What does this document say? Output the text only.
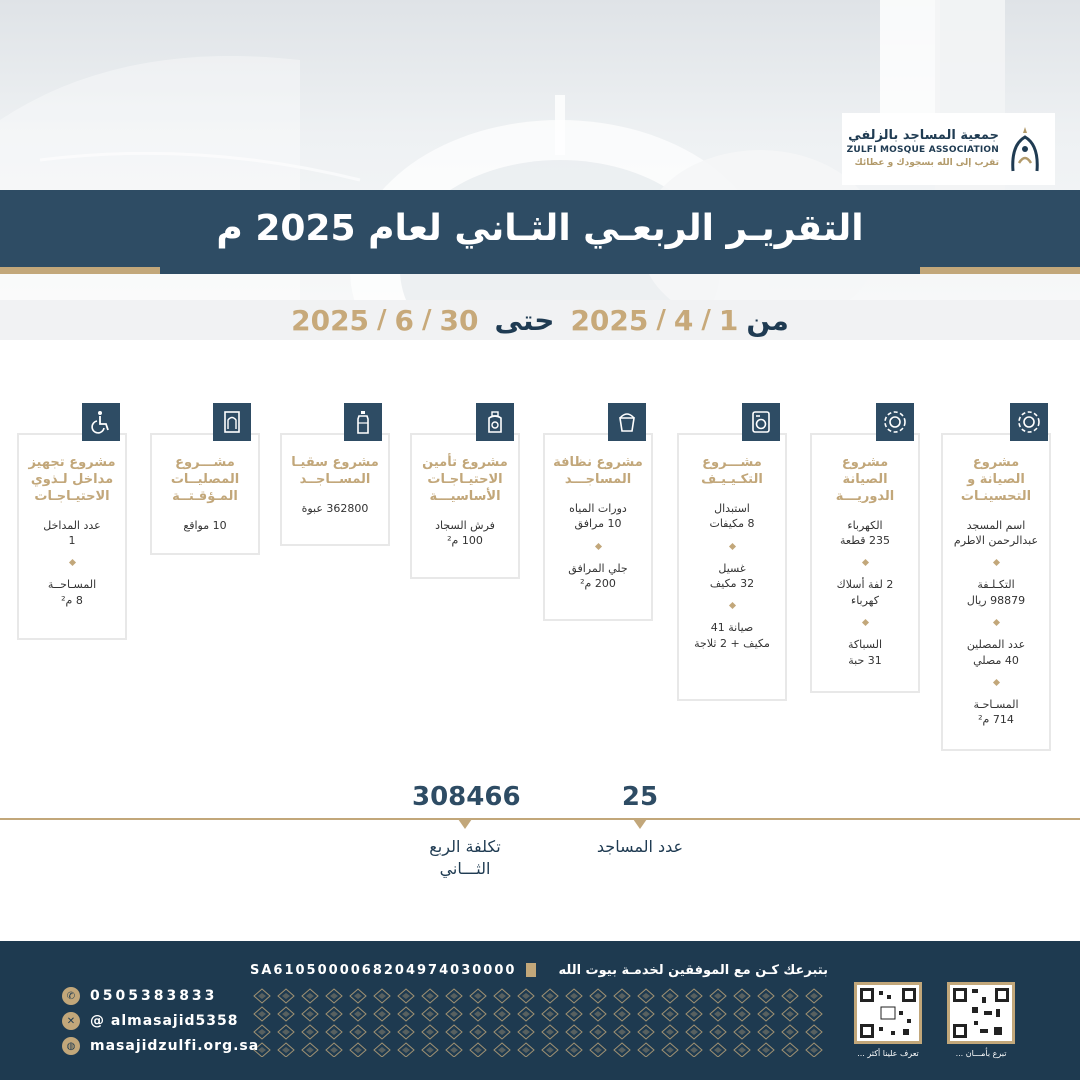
جمعية المساجد بالزلفي
ZULFI MOSQUE ASSOCIATION
تقرب إلى الله بسجودك و عطائك
التقريـر الربعـي الثـاني لعام 2025 م
من
1
/
4
/
2025
حتى
30
/
6
/
2025
مشروع الصيانة و التحسينـات
اسم المسجد
عبدالرحمن الاطرم
التكـلـفة
98879 ريال
عدد المصلين
40 مصلي
المسـاحـة
714 م²
مشروع الصيانة الدوريـــة
الكهرباء
235 قطعة
2 لفة أسلاك
كهرباء
السباكة
31 حبة
مشـــروع التكـيـيـف
استبدال
8 مكيفات
غسيل
32 مكيف
صيانة 41
مكيف + 2 ثلاجة
مشروع نظافة المساجـــد
دورات المياه
10 مرافق
جلي المرافق
200 م²
مشروع تأمين الاحتيـاجـات الأساسيـــة
فرش السجاد
100 م²
مشروع سقيـا المســاجــد
362800 عبوة
مشـــروع المصليــات المـؤقـتــة
10 مواقع
مشروع تجهيز مداخل لـذوي الاحتيـاجـات
عدد المداخل
1
المسـاحــة
8 م²
25
عدد المساجد
308466
تكلفة الربع
الثـــاني
بتبرعك كـن مع الموفقين لخدمـة بيوت الله
SA6105000068204974030000
✆	0505383833
✕	@ almasajid5358
◍	masajidzulfi.org.sa	تعرف علينا أكثر ...	تبرع بأمـــان ...
